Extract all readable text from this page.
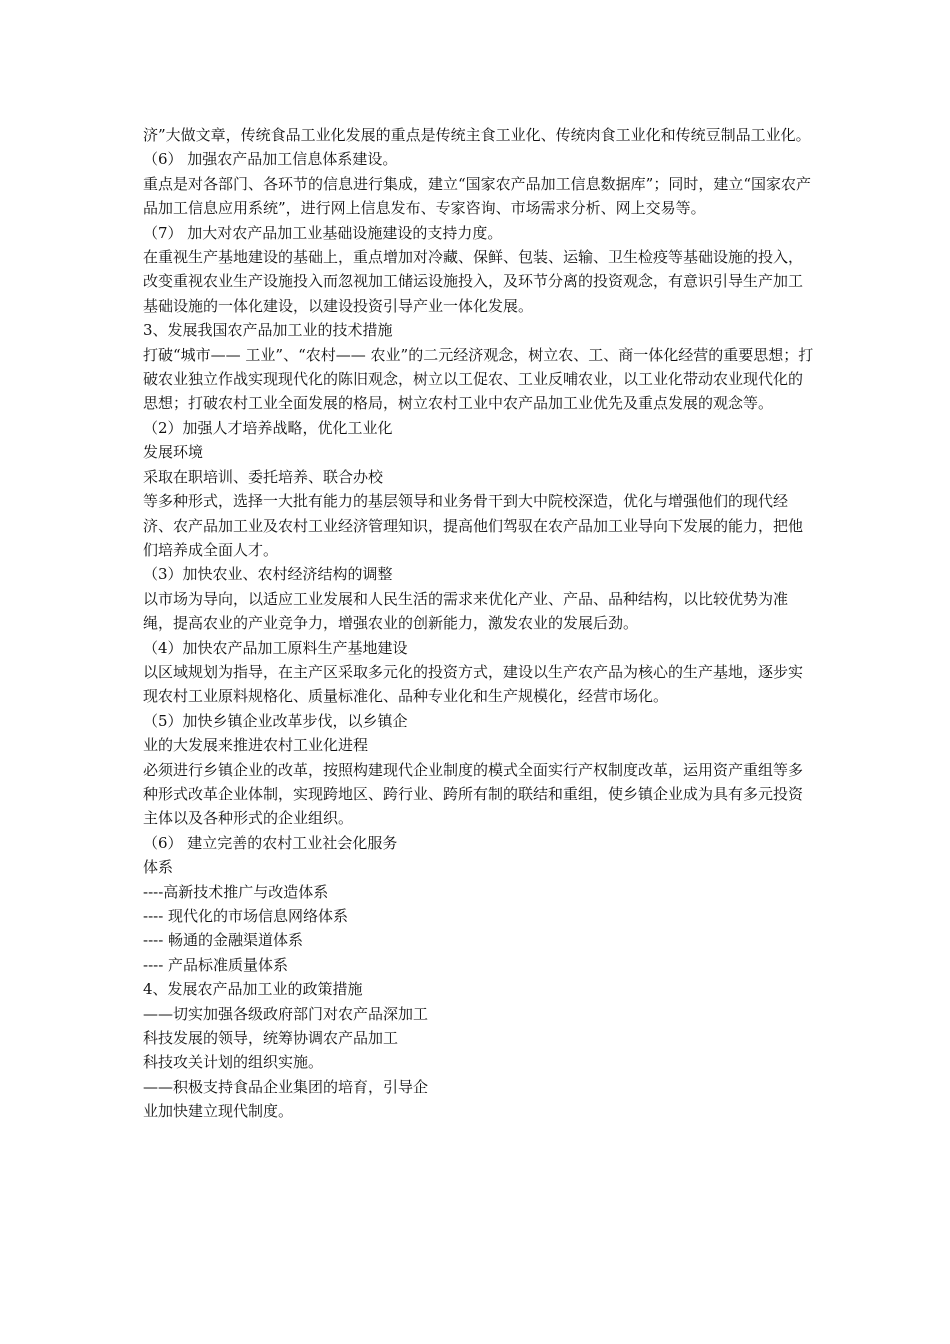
济”大做文章，传统食品工业化发展的重点是传统主食工业化、传统肉食工业化和传统豆制品工业化。

（6） 加强农产品加工信息体系建设。

重点是对各部门、各环节的信息进行集成，建立“国家农产品加工信息数据库”；同时，建立“国家农产品加工信息应用系统”，进行网上信息发布、专家咨询、市场需求分析、网上交易等。

（7） 加大对农产品加工业基础设施建设的支持力度。

在重视生产基地建设的基础上，重点增加对冷藏、保鲜、包装、运输、卫生检疫等基础设施的投入，改变重视农业生产设施投入而忽视加工储运设施投入，及环节分离的投资观念，有意识引导生产加工基础设施的一体化建设，以建设投资引导产业一体化发展。

3、发展我国农产品加工业的技术措施

打破“城市—— 工业”、“农村—— 农业”的二元经济观念，树立农、工、商一体化经营的重要思想；打破农业独立作战实现现代化的陈旧观念，树立以工促农、工业反哺农业，以工业化带动农业现代化的思想；打破农村工业全面发展的格局，树立农村工业中农产品加工业优先及重点发展的观念等。

（2）加强人才培养战略，优化工业化

发展环境

采取在职培训、委托培养、联合办校

等多种形式，选择一大批有能力的基层领导和业务骨干到大中院校深造，优化与增强他们的现代经济、农产品加工业及农村工业经济管理知识，提高他们驾驭在农产品加工业导向下发展的能力，把他们培养成全面人才。

（3）加快农业、农村经济结构的调整

以市场为导向，以适应工业发展和人民生活的需求来优化产业、产品、品种结构，以比较优势为准绳，提高农业的产业竞争力，增强农业的创新能力，激发农业的发展后劲。

（4）加快农产品加工原料生产基地建设

以区域规划为指导，在主产区采取多元化的投资方式，建设以生产农产品为核心的生产基地，逐步实现农村工业原料规格化、质量标准化、品种专业化和生产规模化，经营市场化。

（5）加快乡镇企业改革步伐，以乡镇企

业的大发展来推进农村工业化进程

必须进行乡镇企业的改革，按照构建现代企业制度的模式全面实行产权制度改革，运用资产重组等多种形式改革企业体制，实现跨地区、跨行业、跨所有制的联结和重组，使乡镇企业成为具有多元投资主体以及各种形式的企业组织。

（6） 建立完善的农村工业社会化服务

体系

----高新技术推广与改造体系

---- 现代化的市场信息网络体系

---- 畅通的金融渠道体系

---- 产品标准质量体系

4、发展农产品加工业的政策措施

——切实加强各级政府部门对农产品深加工

科技发展的领导，统筹协调农产品加工

科技攻关计划的组织实施。

——积极支持食品企业集团的培育，引导企

业加快建立现代制度。
